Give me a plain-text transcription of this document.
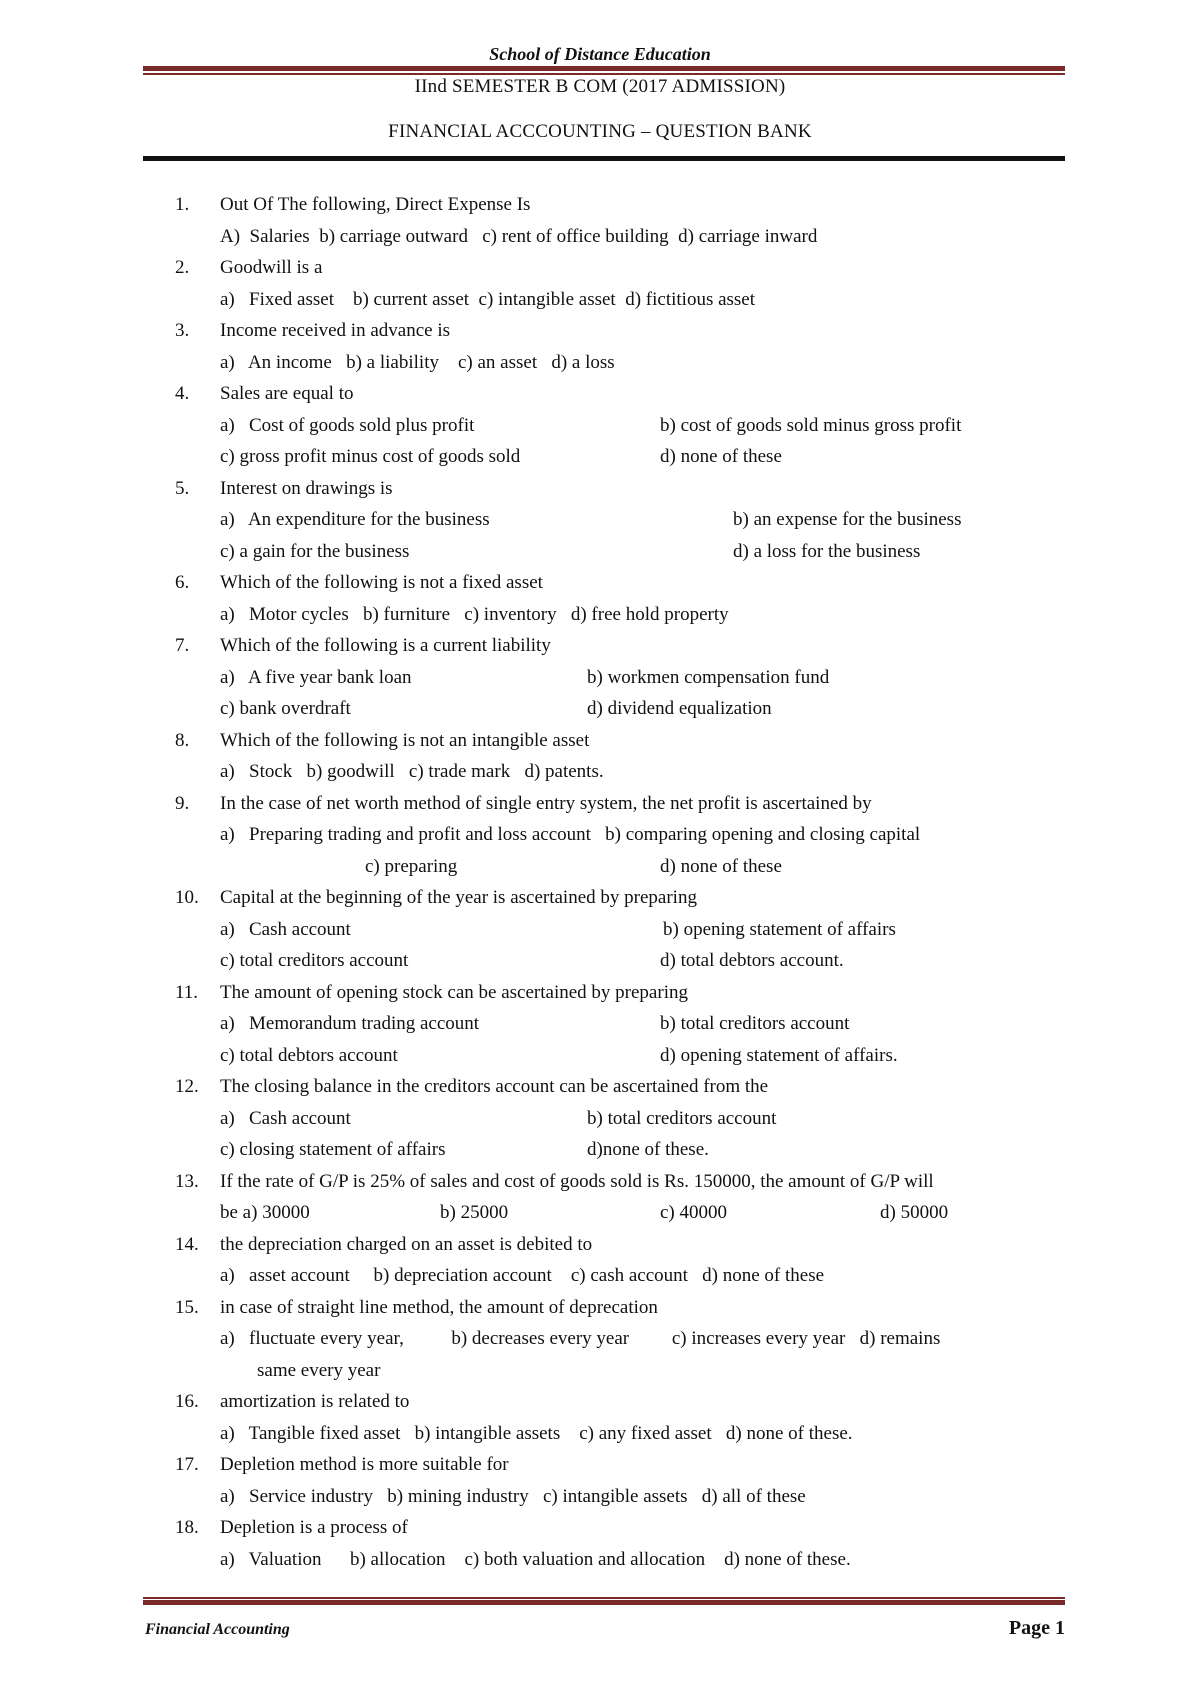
School of Distance Education
IInd SEMESTER B COM (2017 ADMISSION)
FINANCIAL ACCCOUNTING – QUESTION BANK
1.	Out Of The following, Direct Expense Is
A)  Salaries  b) carriage outward   c) rent of office building  d) carriage inward
2.	Goodwill is a
a)   Fixed asset    b) current asset  c) intangible asset  d) fictitious asset
3.	Income received in advance is
a)   An income   b) a liability    c) an asset   d) a loss
4.	Sales are equal to
a)   Cost of goods sold plus profit	b) cost of goods sold minus gross profit
c) gross profit minus cost of goods sold	d) none of these
5.	Interest on drawings is
a)   An expenditure for the business	b) an expense for the business
c) a gain for the business	d) a loss for the business
6.	Which of the following is not a fixed asset
a)   Motor cycles   b) furniture   c) inventory   d) free hold property
7.	Which of the following is a current liability
a)   A five year bank loan	b) workmen compensation fund
c) bank overdraft	d) dividend equalization
8.	Which of the following is not an intangible asset
a)   Stock   b) goodwill   c) trade mark   d) patents.
9.	In the case of net worth method of single entry system, the net profit is ascertained by
a)   Preparing trading and profit and loss account   b) comparing opening and closing capital
c) preparing	d) none of these
10.	Capital at the beginning of the year is ascertained by preparing
a)   Cash account	b) opening statement of affairs
c) total creditors account	d) total debtors account.
11.	The amount of opening stock can be ascertained by preparing
a)   Memorandum trading account	b) total creditors account
c) total debtors account	d) opening statement of affairs.
12.	The closing balance in the creditors account can be ascertained from the
a)   Cash account	b) total creditors account
c) closing statement of affairs	d)none of these.
13.	If the rate of G/P is 25% of sales and cost of goods sold is Rs. 150000, the amount of G/P will
be a) 30000	b) 25000	c) 40000	d) 50000
14.	the depreciation charged on an asset is debited to
a)   asset account     b) depreciation account    c) cash account   d) none of these
15.	in case of straight line method, the amount of deprecation
a)   fluctuate every year,          b) decreases every year         c) increases every year   d) remains
same every year
16.	amortization is related to
a)   Tangible fixed asset   b) intangible assets    c) any fixed asset   d) none of these.
17.	Depletion method is more suitable for
a)   Service industry   b) mining industry   c) intangible assets   d) all of these
18.	Depletion is a process of
a)   Valuation      b) allocation    c) both valuation and allocation    d) none of these.
Financial Accounting	Page 1
